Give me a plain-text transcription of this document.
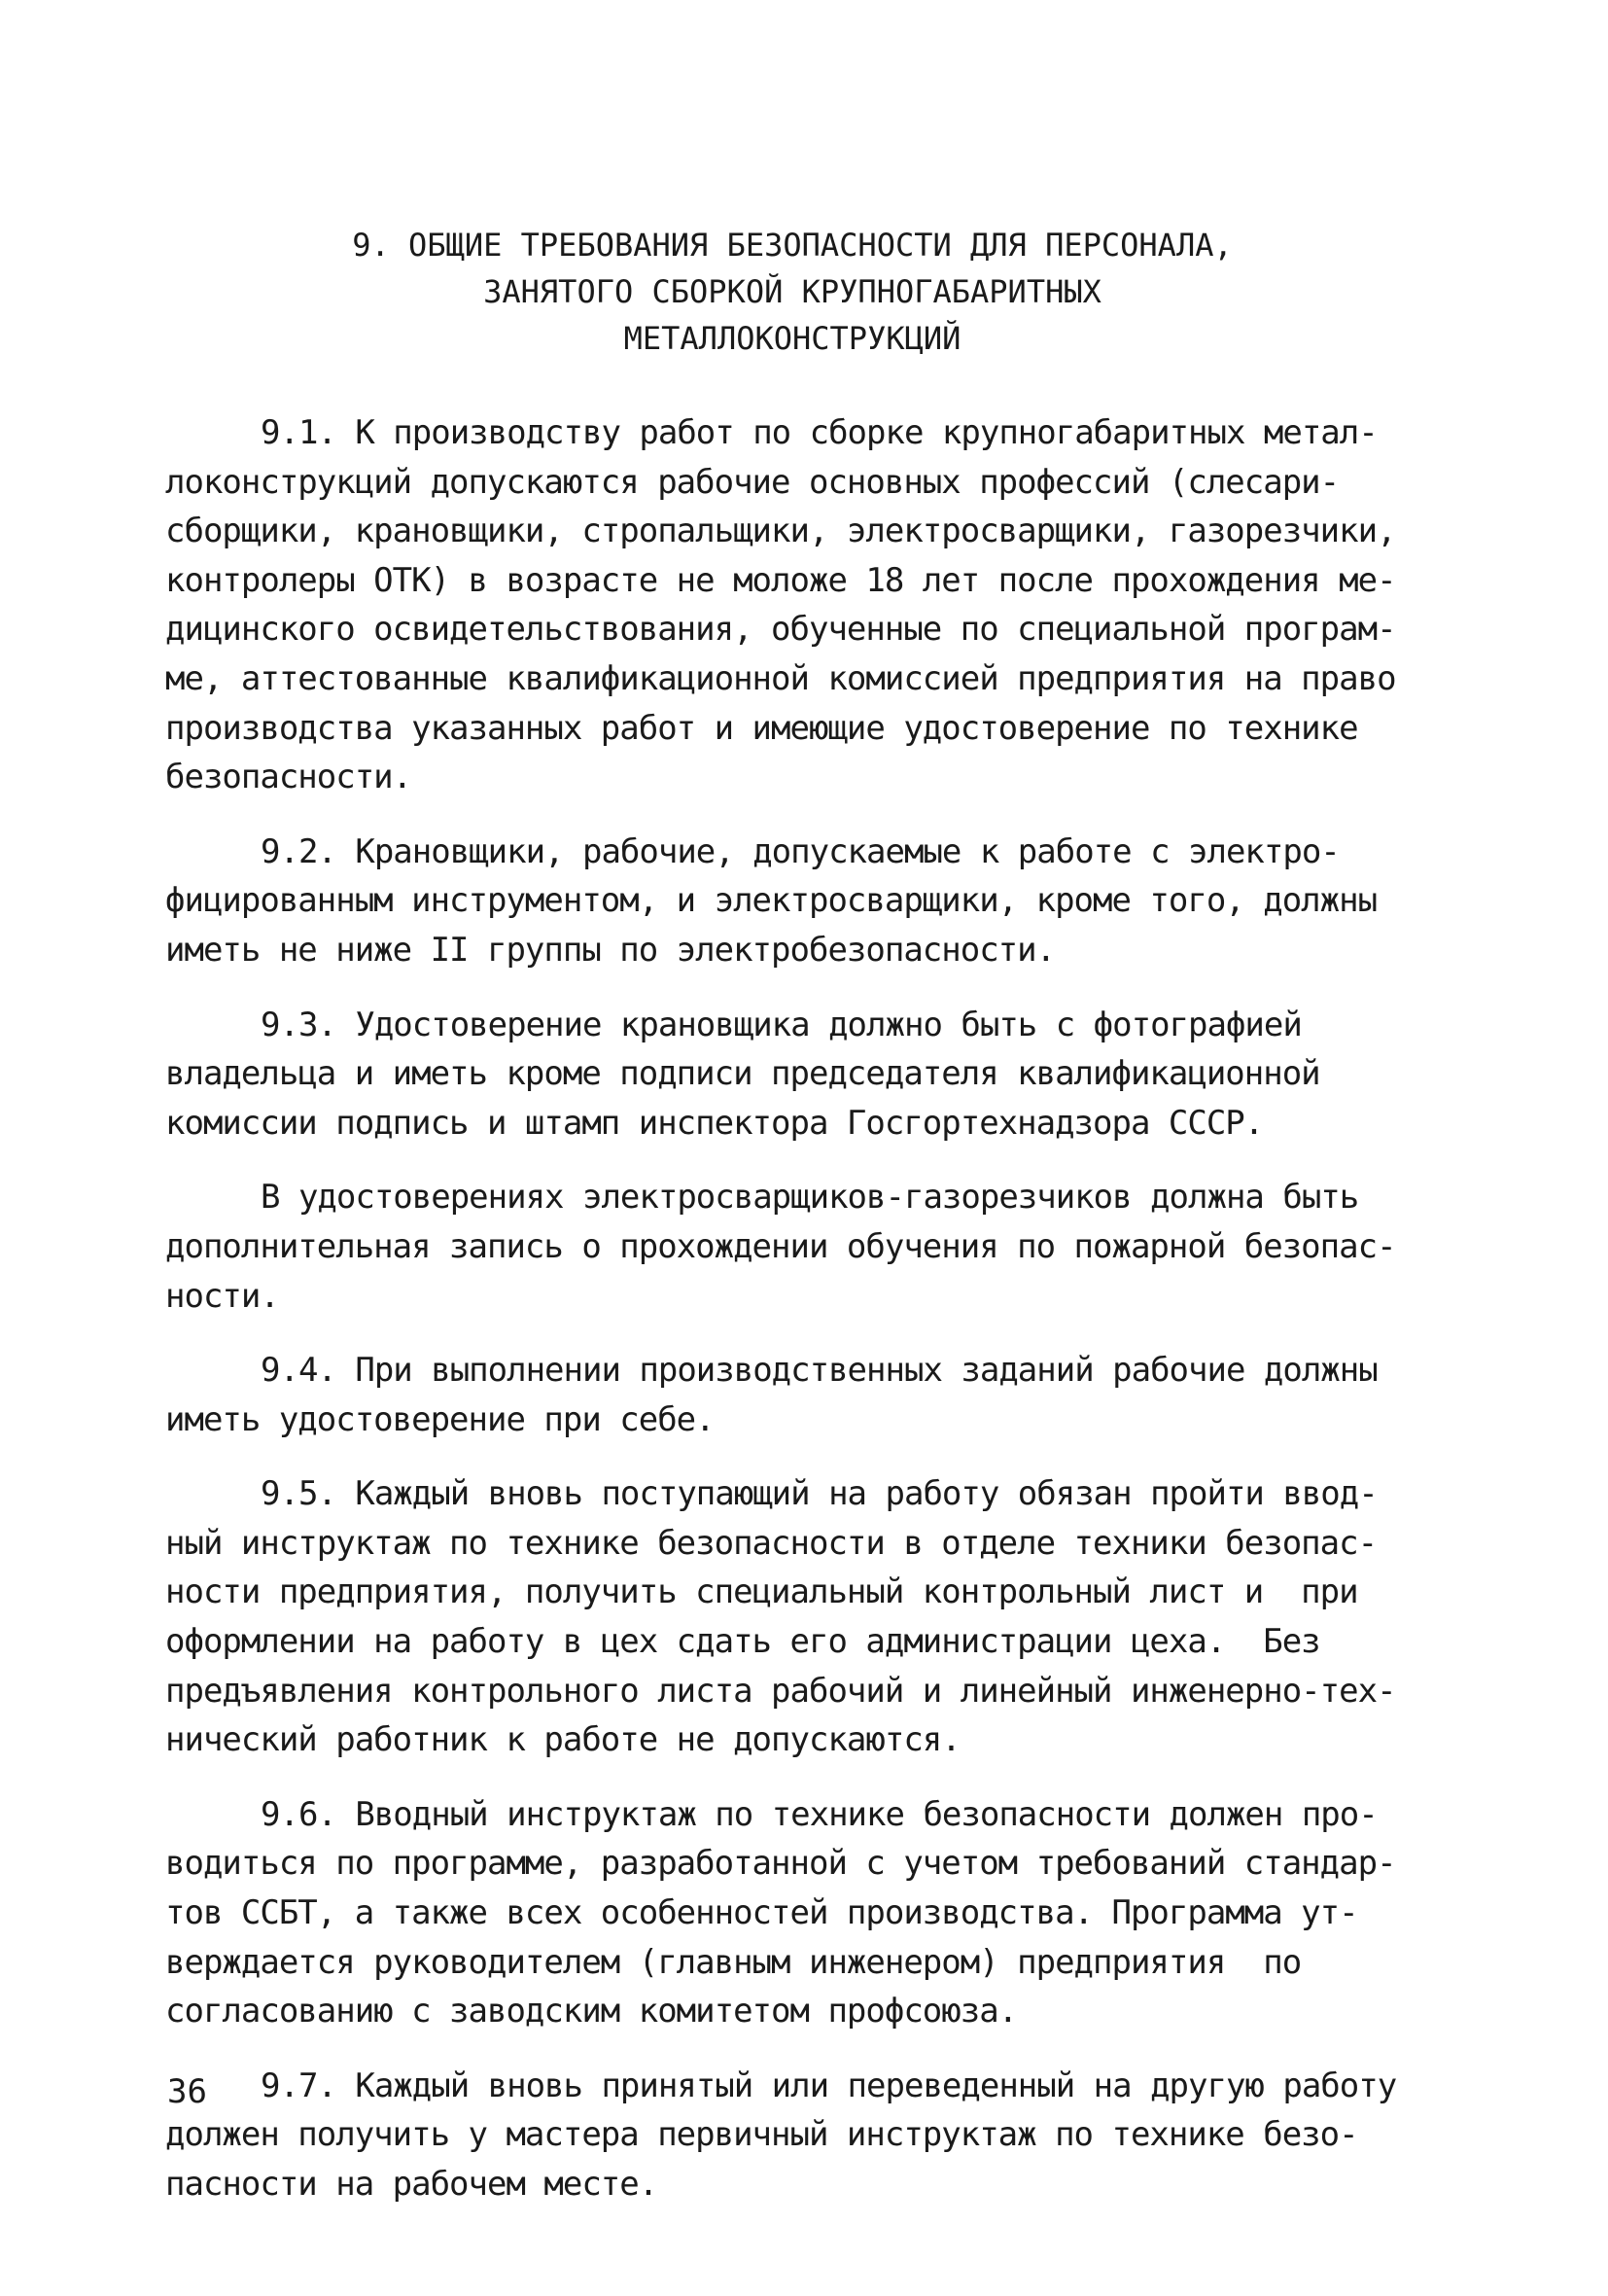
9. ОБЩИЕ ТРЕБОВАНИЯ БЕЗОПАСНОСТИ ДЛЯ ПЕРСОНАЛА,
ЗАНЯТОГО СБОРКОЙ КРУПНОГАБАРИТНЫХ
МЕТАЛЛОКОНСТРУКЦИЙ
9.1. К производству работ по сборке крупногабаритных метал-
локонструкций допускаются рабочие основных профессий (слесари-
сборщики, крановщики, стропальщики, электросварщики, газорезчики,
контролеры ОТК) в возрасте не моложе 18 лет после прохождения ме-
дицинского освидетельствования, обученные по специальной програм-
ме, аттестованные квалификационной комиссией предприятия на право
производства указанных работ и имеющие удостоверение по технике
безопасности.
9.2. Крановщики, рабочие, допускаемые к работе с электро-
фицированным инструментом, и электросварщики, кроме того, должны
иметь не ниже II группы по электробезопасности.
9.3. Удостоверение крановщика должно быть с фотографией
владельца и иметь кроме подписи председателя квалификационной
комиссии подпись и штамп инспектора Госгортехнадзора СССР.
В удостоверениях электросварщиков-газорезчиков должна быть
дополнительная запись о прохождении обучения по пожарной безопас-
ности.
9.4. При выполнении производственных заданий рабочие должны
иметь удостоверение при себе.
9.5. Каждый вновь поступающий на работу обязан пройти ввод-
ный инструктаж по технике безопасности в отделе техники безопас-
ности предприятия, получить специальный контрольный лист и  при
оформлении на работу в цех сдать его администрации цеха.  Без
предъявления контрольного листа рабочий и линейный инженерно-тех-
нический работник к работе не допускаются.
9.6. Вводный инструктаж по технике безопасности должен про-
водиться по программе, разработанной с учетом требований стандар-
тов ССБТ, а также всех особенностей производства. Программа ут-
верждается руководителем (главным инженером) предприятия  по
согласованию с заводским комитетом профсоюза.
9.7. Каждый вновь принятый или переведенный на другую работу
должен получить у мастера первичный инструктаж по технике безо-
пасности на рабочем месте.
36
